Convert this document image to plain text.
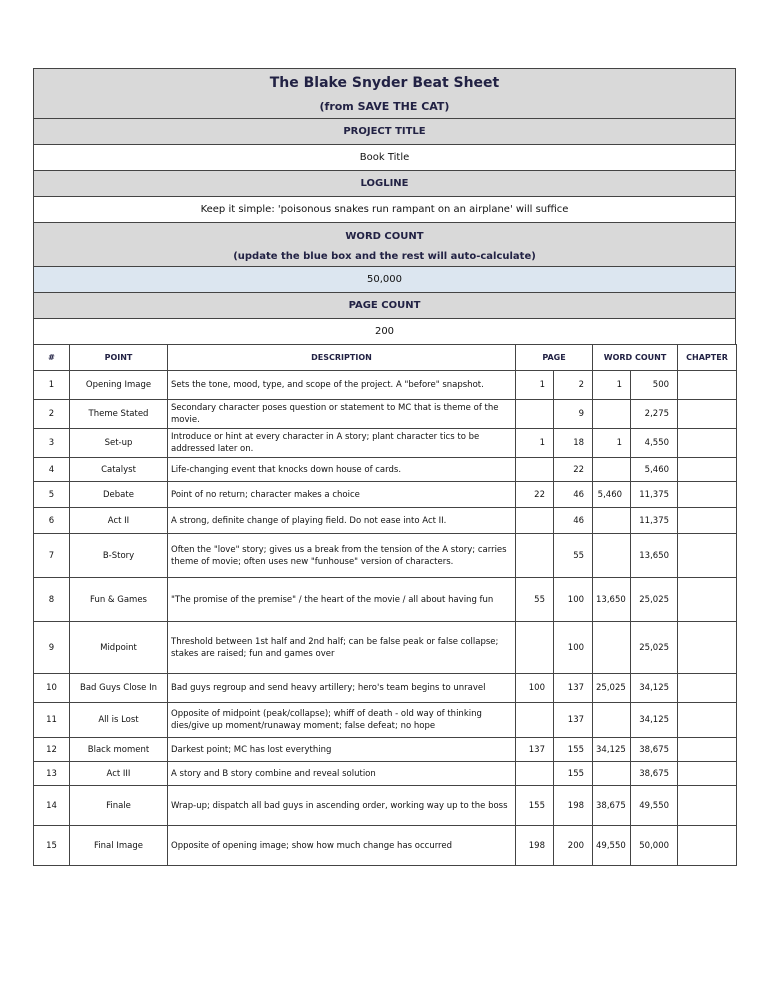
The Blake Snyder Beat Sheet
(from SAVE THE CAT)
PROJECT TITLE
Book Title
LOGLINE
Keep it simple: 'poisonous snakes run rampant on an airplane' will suffice
WORD COUNT
(update the blue box and the rest will auto-calculate)
50,000
PAGE COUNT
200
#	POINT	DESCRIPTION	PAGE		WORD COUNT		CHAPTER
1	Opening Image	Sets the tone, mood, type, and scope of the project. A "before" snapshot.	1	2	1	500	
2	Theme Stated	Secondary character poses question or statement to MC that is theme of the movie.		9		2,275	
3	Set-up	Introduce or hint at every character in A story; plant character tics to be addressed later on.	1	18	1	4,550	
4	Catalyst	Life-changing event that knocks down house of cards.		22		5,460	
5	Debate	Point of no return; character makes a choice	22	46	5,460	11,375	
6	Act II	A strong, definite change of playing field. Do not ease into Act II.		46		11,375	
7	B-Story	Often the "love" story; gives us a break from the tension of the A story; carries theme of movie; often uses new "funhouse" version of characters.		55		13,650	
8	Fun & Games	"The promise of the premise" / the heart of the movie / all about having fun	55	100	13,650	25,025	
9	Midpoint	Threshold between 1st half and 2nd half; can be false peak or false collapse; stakes are raised; fun and games over		100		25,025	
10	Bad Guys Close In	Bad guys regroup and send heavy artillery; hero's team begins to unravel	100	137	25,025	34,125	
11	All is Lost	Opposite of midpoint (peak/collapse); whiff of death - old way of thinking dies/give up moment/runaway moment; false defeat; no hope		137		34,125	
12	Black moment	Darkest point; MC has lost everything	137	155	34,125	38,675	
13	Act III	A story and B story combine and reveal solution		155		38,675	
14	Finale	Wrap-up; dispatch all bad guys in ascending order, working way up to the boss	155	198	38,675	49,550	
15	Final Image	Opposite of opening image; show how much change has occurred	198	200	49,550	50,000	
